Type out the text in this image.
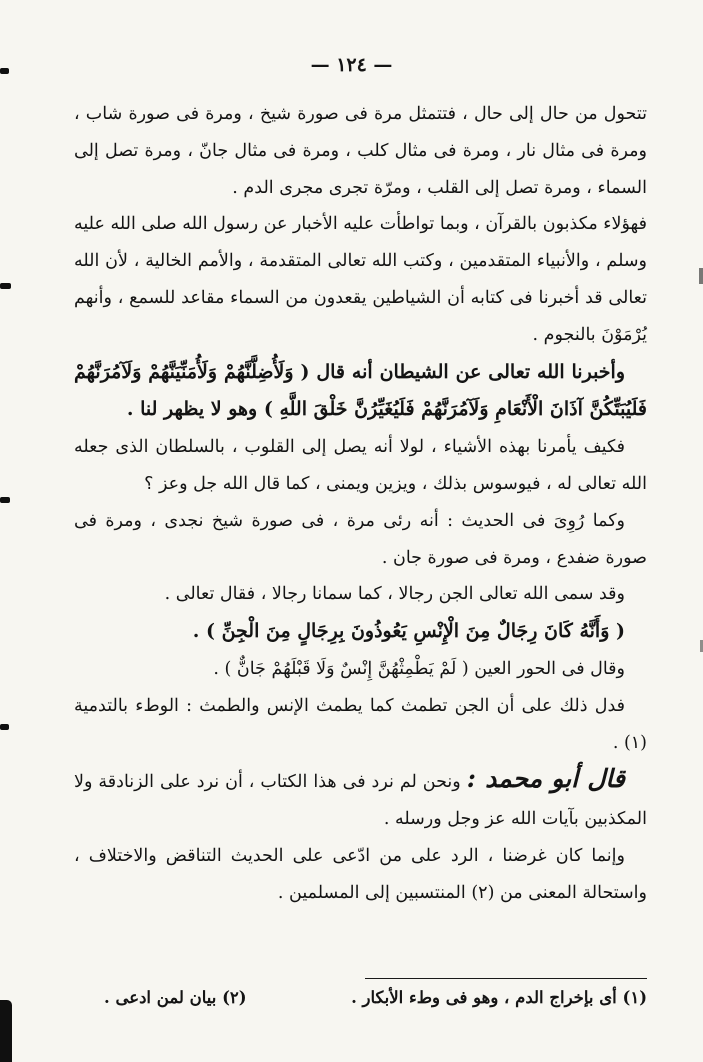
— ١٢٤ —

تتحول من حال إلى حال ، فتتمثل مرة فى صورة شيخ ، ومرة فى صورة شاب ، ومرة فى مثال نار ، ومرة فى مثال كلب ، ومرة فى مثال جانّ ، ومرة تصل إلى السماء ، ومرة تصل إلى القلب ، ومرّة تجرى مجرى الدم .

فهؤلاء مكذبون بالقرآن ، وبما تواطأت عليه الأخبار عن رسول الله صلى الله عليه وسلم ، والأنبياء المتقدمين ، وكتب الله تعالى المتقدمة ، والأمم الخالية ، لأن الله تعالى قد أخبرنا فى كتابه أن الشياطين يقعدون من السماء مقاعد للسمع ، وأنهم يُرْمَوْنَ بالنجوم .

وأخبرنا الله تعالى عن الشيطان أنه قال ( وَلَأُضِلَّنَّهُمْ وَلَأُمَنِّيَنَّهُمْ وَلَآمُرَنَّهُمْ فَلَيُبَتِّكُنَّ آذَانَ الْأَنْعَامِ وَلَآمُرَنَّهُمْ فَلَيُغَيِّرُنَّ خَلْقَ اللَّهِ ) وهو لا يظهر لنا .

فكيف يأمرنا بهذه الأشياء ، لولا أنه يصل إلى القلوب ، بالسلطان الذى جعله الله تعالى له ، فيوسوس بذلك ، ويزين ويمنى ، كما قال الله جل وعز ؟

وكما رُوِىَ فى الحديث : أنه رئى مرة ، فى صورة شيخ نجدى ، ومرة فى صورة ضفدع ، ومرة فى صورة جان .

وقد سمى الله تعالى الجن رجالا ، كما سمانا رجالا ، فقال تعالى .

( وَأَنَّهُ كَانَ رِجَالٌ مِنَ الْإِنْسِ يَعُوذُونَ بِرِجَالٍ مِنَ الْجِنِّ ) .

وقال فى الحور العين ( لَمْ يَطْمِثْهُنَّ إِنْسٌ وَلَا قَبْلَهُمْ جَانٌّ ) .

فدل ذلك على أن الجن تطمث كما يطمث الإنس والطمث : الوطء بالتدمية (١) .

قال أبو محمد : ونحن لم نرد فى هذا الكتاب ، أن نرد على الزنادقة ولا المكذبين بآيات الله عز وجل ورسله .

وإنما كان غرضنا ، الرد على من ادّعى على الحديث التناقض والاختلاف ، واستحالة المعنى من (٢) المنتسبين إلى المسلمين .

(١) أى بإخراج الدم ، وهو فى وطء الأبكار .
(٢) بيان لمن ادعى .
